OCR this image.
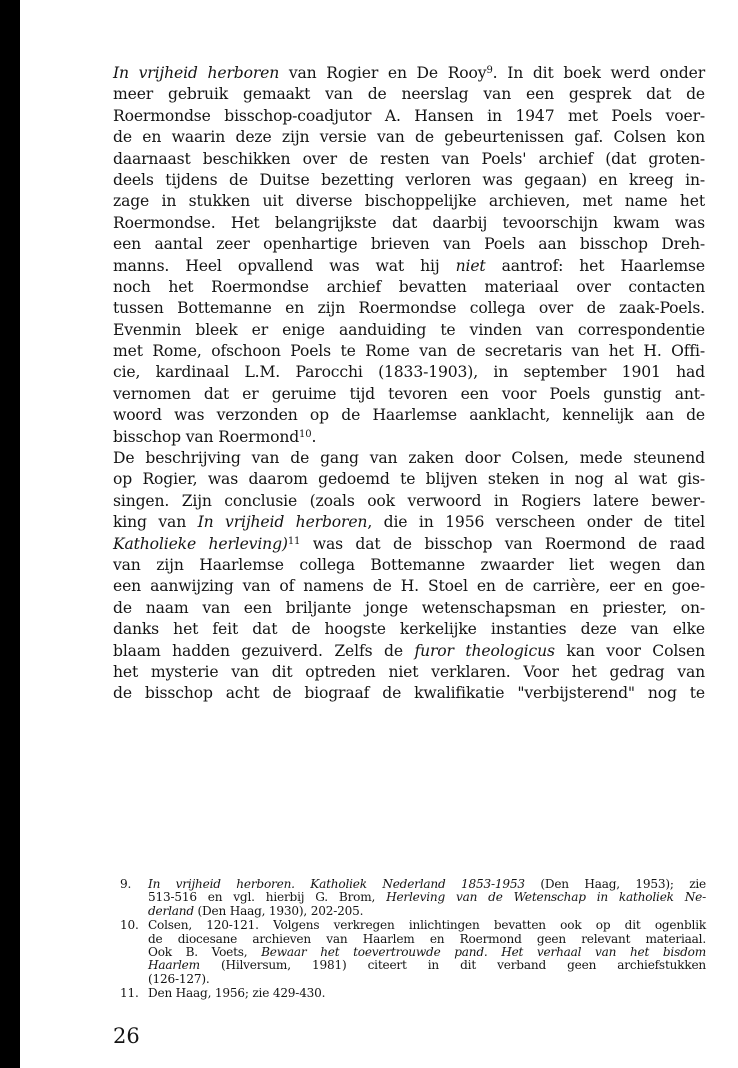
In vrijheid herboren van Rogier en De Rooy$^9$. In dit boek werd onder
meer gebruik gemaakt van de neerslag van een gesprek dat de
Roermondse bisschop-coadjutor A. Hansen in 1947 met Poels voer-
de en waarin deze zijn versie van de gebeurtenissen gaf. Colsen kon
daarnaast beschikken over de resten van Poels' archief (dat groten-
deels tijdens de Duitse bezetting verloren was gegaan) en kreeg in-
zage in stukken uit diverse bischoppelijke archieven, met name het
Roermondse. Het belangrijkste dat daarbij tevoorschijn kwam was
een aantal zeer openhartige brieven van Poels aan bisschop Dreh-
manns. Heel opvallend was wat hij niet aantrof: het Haarlemse
noch het Roermondse archief bevatten materiaal over contacten
tussen Bottemanne en zijn Roermondse collega over de zaak-Poels.
Evenmin bleek er enige aanduiding te vinden van correspondentie
met Rome, ofschoon Poels te Rome van de secretaris van het H. Offi-
cie, kardinaal L.M. Parocchi (1833-1903), in september 1901 had
vernomen dat er geruime tijd tevoren een voor Poels gunstig ant-
woord was verzonden op de Haarlemse aanklacht, kennelijk aan de
bisschop van Roermond$^{10}$.
De beschrijving van de gang van zaken door Colsen, mede steunend
op Rogier, was daarom gedoemd te blijven steken in nog al wat gis-
singen. Zijn conclusie (zoals ook verwoord in Rogiers latere bewer-
king van In vrijheid herboren, die in 1956 verscheen onder de titel
Katholieke herleving)$^{11}$ was dat de bisschop van Roermond de raad
van zijn Haarlemse collega Bottemanne zwaarder liet wegen dan
een aanwijzing van of namens de H. Stoel en de carrière, eer en goe-
de naam van een briljante jonge wetenschapsman en priester, on-
danks het feit dat de hoogste kerkelijke instanties deze van elke
blaam hadden gezuiverd. Zelfs de furor theologicus kan voor Colsen
het mysterie van dit optreden niet verklaren. Voor het gedrag van
de bisschop acht de biograaf de kwalifikatie "verbijsterend" nog te
9. In vrijheid herboren. Katholiek Nederland 1853-1953 (Den Haag, 1953); zie
513-516 en vgl. hierbij G. Brom, Herleving van de Wetenschap in katholiek Ne-
derland (Den Haag, 1930), 202-205.
10. Colsen, 120-121. Volgens verkregen inlichtingen bevatten ook op dit ogenblik
de diocesane archieven van Haarlem en Roermond geen relevant materiaal.
Ook B. Voets, Bewaar het toevertrouwde pand. Het verhaal van het bisdom
Haarlem (Hilversum, 1981) citeert in dit verband geen archiefstukken
(126-127).
11. Den Haag, 1956; zie 429-430.
26
